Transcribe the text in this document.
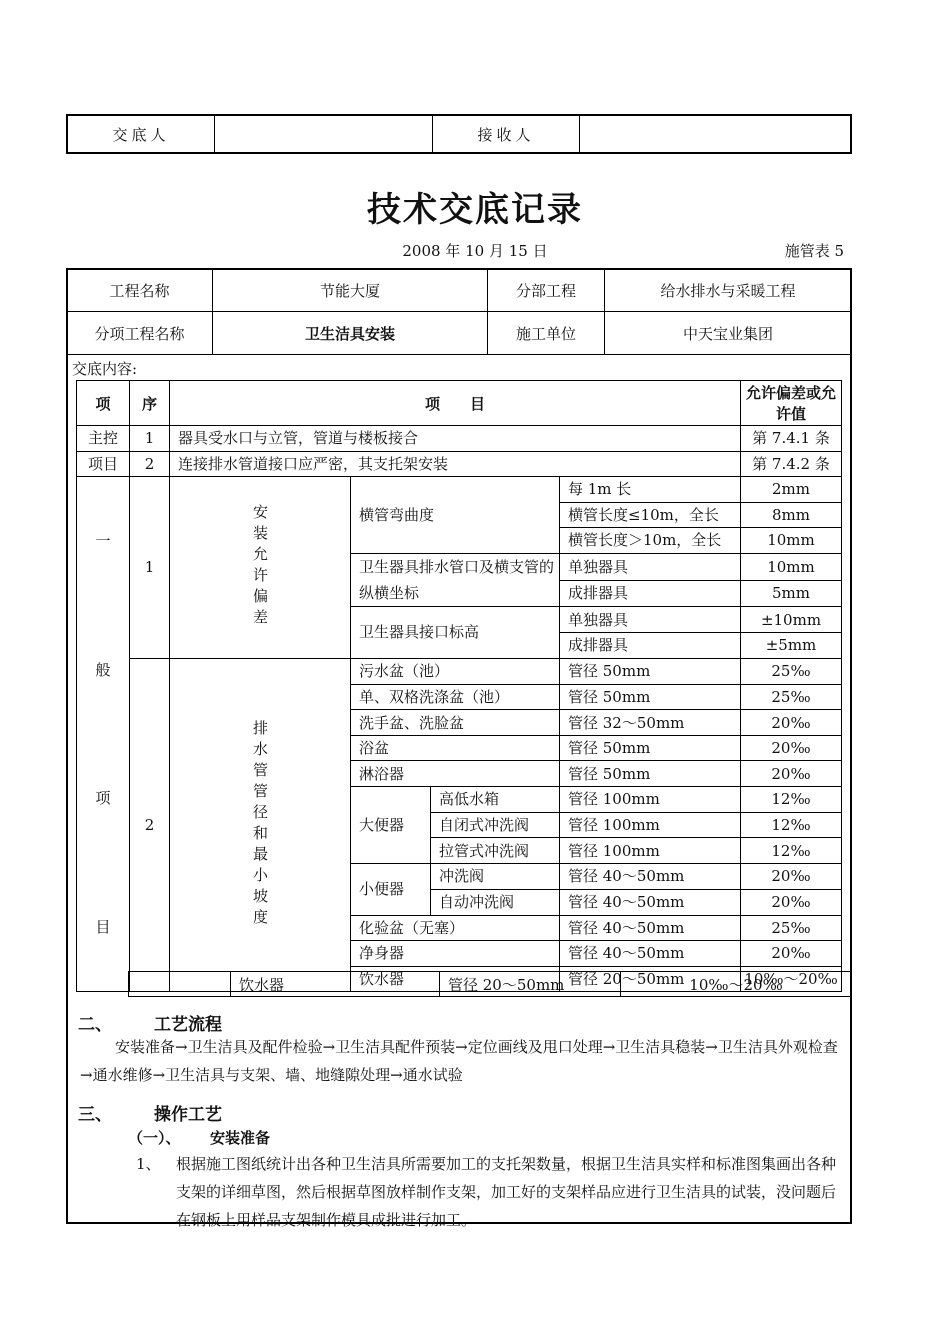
交底人		接收人	
技术交底记录
2008 年 10 月 15 日	施管表 5
工程名称	节能大厦	分部工程	给水排水与采暖工程
分项工程名称	卫生洁具安装	施工单位	中天宝业集团
交底内容:
项	序	项　　目				允许偏差或允许值
主控	1	器具受水口与立管，管道与楼板接合				第 7.4.1 条
项目	2	连接排水管道接口应严密，其支托架安装				第 7.4.2 条

一
般
项
目	1	安装允许偏差	横管弯曲度		每 1m 长	2mm
					横管长度≤10m，全长	8mm
					横管长度＞10m，全长	10mm
			卫生器具排水管口及横支管的纵横坐标		单独器具	10mm
					成排器具	5mm
			卫生器具接口标高		单独器具	±10mm
					成排器具	±5mm
	2	排水管管径和最小坡度	污水盆（池）		管径 50mm	25‰
			单、双格洗涤盆（池）		管径 50mm	25‰
			洗手盆、洗脸盆		管径 32～50mm	20‰
			浴盆		管径 50mm	20‰
			淋浴器		管径 50mm	20‰
			大便器	高低水箱	管径 100mm	12‰
				自闭式冲洗阀	管径 100mm	12‰
				拉管式冲洗阀	管径 100mm	12‰
			小便器	冲洗阀	管径 40～50mm	20‰
				自动冲洗阀	管径 40～50mm	20‰
			化验盆（无塞）		管径 40～50mm	25‰
			净身器		管径 40～50mm	20‰
			饮水器		管径 20～50mm	10‰～20‰
	饮水器	管径 20～50mm	10‰～20‰
二、 工艺流程
安装准备→卫生洁具及配件检验→卫生洁具配件预装→定位画线及甩口处理→卫生洁具稳装→卫生洁具外观检查→通水维修→卫生洁具与支架、墙、地缝隙处理→通水试验
三、 操作工艺
（一）、 安装准备
1、 根据施工图纸统计出各种卫生洁具所需要加工的支托架数量，根据卫生洁具实样和标准图集画出各种支架的详细草图，然后根据草图放样制作支架，加工好的支架样品应进行卫生洁具的试装，没问题后在钢板上用样品支架制作模具成批进行加工。
